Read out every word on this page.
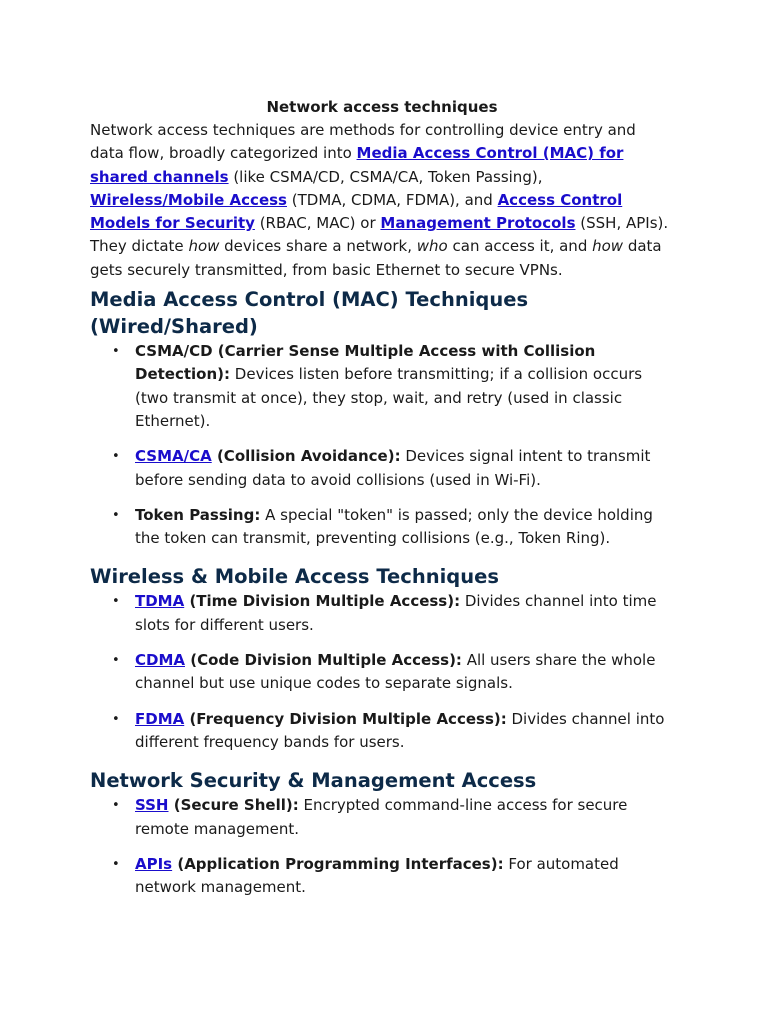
Network access techniques

Network access techniques are methods for controlling device entry and data flow, broadly categorized into Media Access Control (MAC) for shared channels (like CSMA/CD, CSMA/CA, Token Passing), Wireless/Mobile Access (TDMA, CDMA, FDMA), and Access Control Models for Security (RBAC, MAC) or Management Protocols (SSH, APIs). They dictate how devices share a network, who can access it, and how data gets securely transmitted, from basic Ethernet to secure VPNs.

Media Access Control (MAC) Techniques (Wired/Shared)
• CSMA/CD (Carrier Sense Multiple Access with Collision Detection): Devices listen before transmitting; if a collision occurs (two transmit at once), they stop, wait, and retry (used in classic Ethernet).
• CSMA/CA (Collision Avoidance): Devices signal intent to transmit before sending data to avoid collisions (used in Wi-Fi).
• Token Passing: A special "token" is passed; only the device holding the token can transmit, preventing collisions (e.g., Token Ring).
Wireless & Mobile Access Techniques
• TDMA (Time Division Multiple Access): Divides channel into time slots for different users.
• CDMA (Code Division Multiple Access): All users share the whole channel but use unique codes to separate signals.
• FDMA (Frequency Division Multiple Access): Divides channel into different frequency bands for users.
Network Security & Management Access
• SSH (Secure Shell): Encrypted command-line access for secure remote management.
• APIs (Application Programming Interfaces): For automated network management.
